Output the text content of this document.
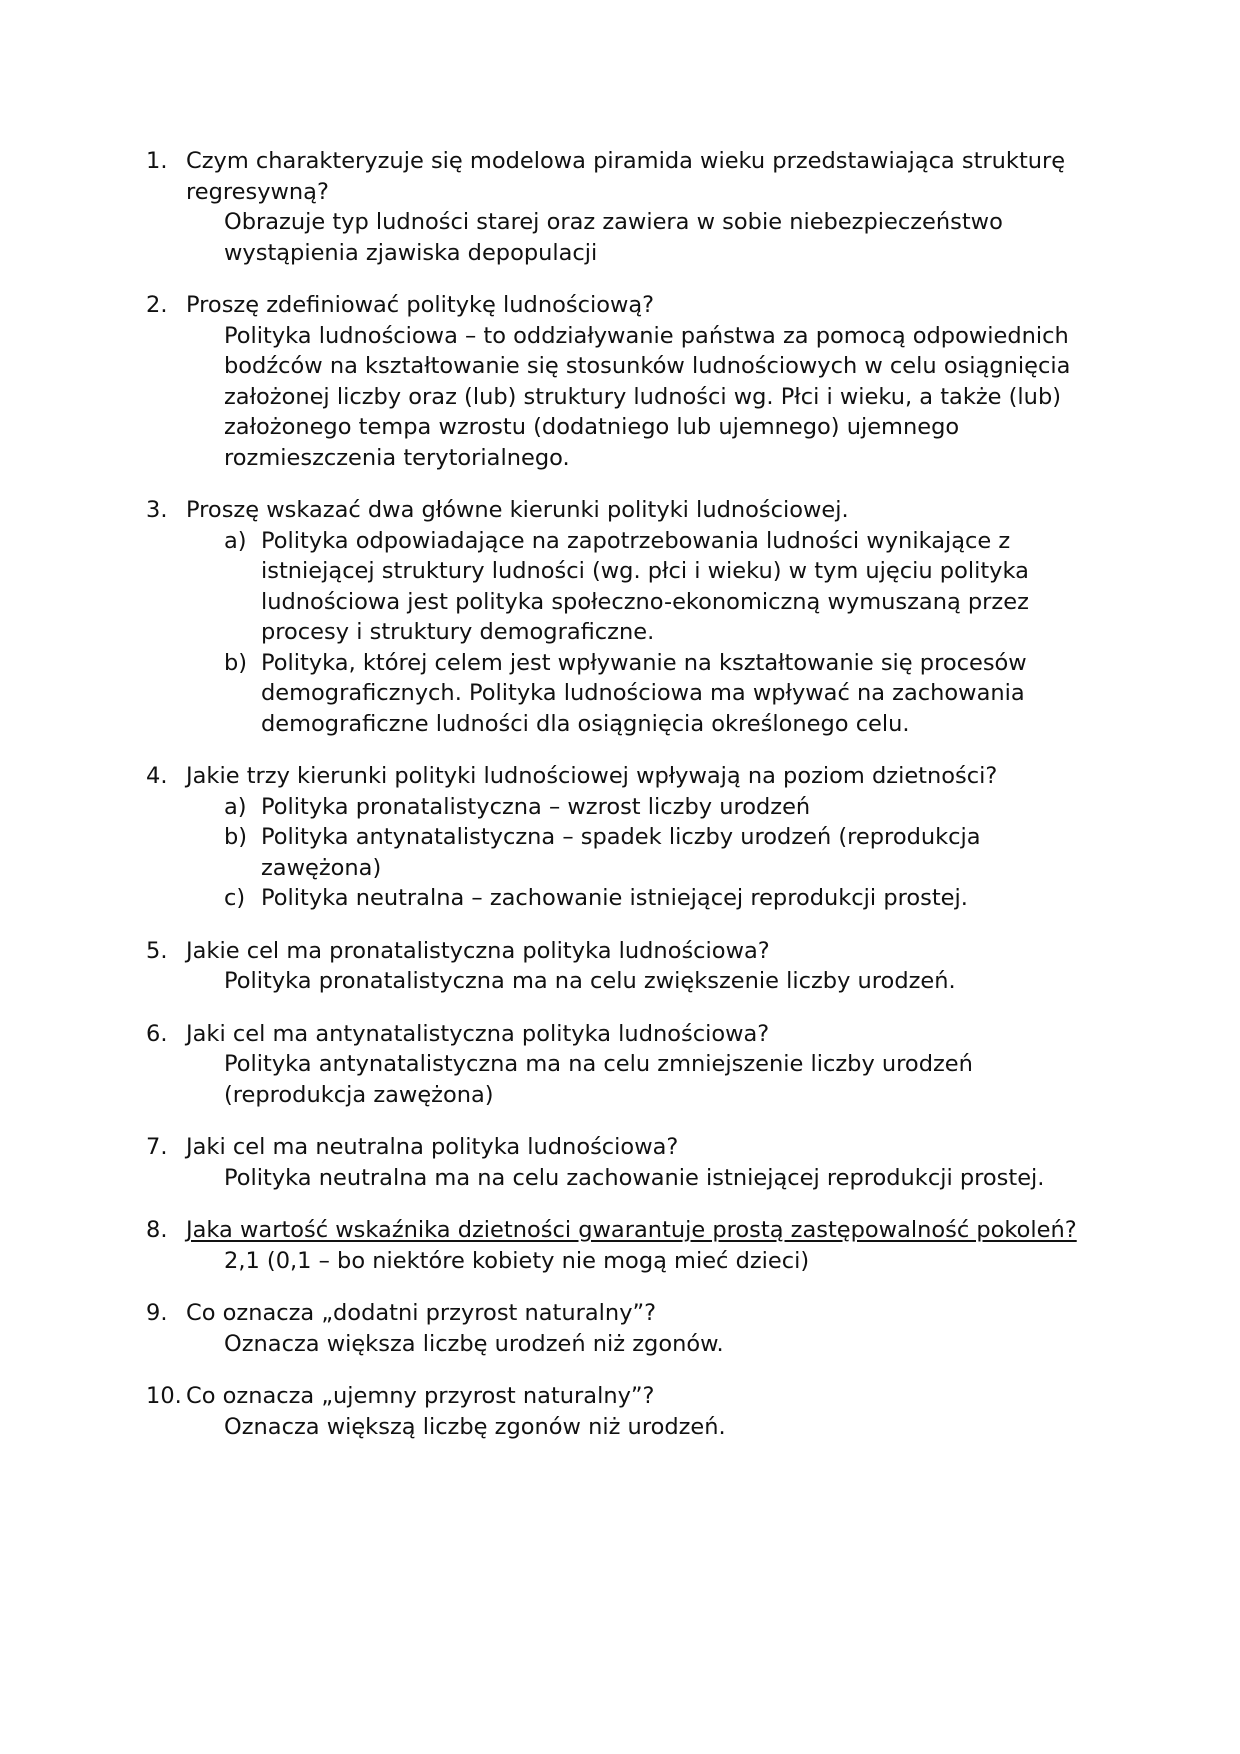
1. Czym charakteryzuje się modelowa piramida wieku przedstawiająca strukturę regresywną?
Obrazuje typ ludności starej oraz zawiera w sobie niebezpieczeństwo wystąpienia zjawiska depopulacji
2. Proszę zdefiniować politykę ludnościową?
Polityka ludnościowa – to oddziaływanie państwa za pomocą odpowiednich bodźców na kształtowanie się stosunków ludnościowych w celu osiągnięcia założonej liczby oraz (lub) struktury ludności wg. Płci i wieku, a także (lub) założonego tempa wzrostu (dodatniego lub ujemnego) ujemnego rozmieszczenia terytorialnego.
3. Proszę wskazać dwa główne kierunki polityki ludnościowej.
a) Polityka odpowiadające na zapotrzebowania ludności wynikające z istniejącej struktury ludności (wg. płci i wieku) w tym ujęciu polityka ludnościowa jest polityka społeczno-ekonomiczną wymuszaną przez procesy i struktury demograficzne.
b) Polityka, której celem jest wpływanie na kształtowanie się procesów demograficznych. Polityka ludnościowa ma wpływać na zachowania demograficzne ludności dla osiągnięcia określonego celu.
4. Jakie trzy kierunki polityki ludnościowej wpływają na poziom dzietności?
a) Polityka pronatalistyczna – wzrost liczby urodzeń
b) Polityka antynatalistyczna – spadek liczby urodzeń (reprodukcja zawężona)
c) Polityka neutralna – zachowanie istniejącej reprodukcji prostej.
5. Jakie cel ma pronatalistyczna polityka ludnościowa?
Polityka pronatalistyczna ma na celu zwiększenie liczby urodzeń.
6. Jaki cel ma antynatalistyczna polityka ludnościowa?
Polityka antynatalistyczna ma na celu zmniejszenie liczby urodzeń (reprodukcja zawężona)
7. Jaki cel ma neutralna polityka ludnościowa?
Polityka neutralna ma na celu zachowanie istniejącej reprodukcji prostej.
8. Jaka wartość wskaźnika dzietności gwarantuje prostą zastępowalność pokoleń?
2,1 (0,1 – bo niektóre kobiety nie mogą mieć dzieci)
9. Co oznacza „dodatni przyrost naturalny”?
Oznacza większa liczbę urodzeń niż zgonów.
10. Co oznacza „ujemny przyrost naturalny”?
Oznacza większą liczbę zgonów niż urodzeń.
